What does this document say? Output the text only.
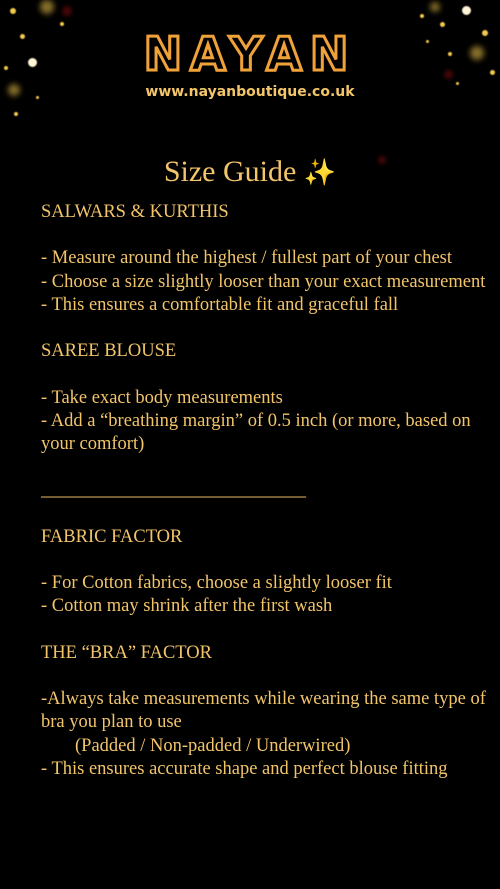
NAYAN
www.nayanboutique.co.uk
Size Guide ✨

SALWARS & KURTHIS

- Measure around the highest / fullest part of your chest

- Choose a size slightly looser than your exact measurement

- This ensures a comfortable fit and graceful fall

SAREE BLOUSE

- Take exact body measurements

- Add a “breathing margin” of 0.5 inch (or more, based on your comfort)

________________________________

FABRIC FACTOR

- For Cotton fabrics, choose a slightly looser fit

- Cotton may shrink after the first wash

THE “BRA” FACTOR

-Always take measurements while wearing the same type of bra you plan to use

(Padded / Non-padded / Underwired)

- This ensures accurate shape and perfect blouse fitting
